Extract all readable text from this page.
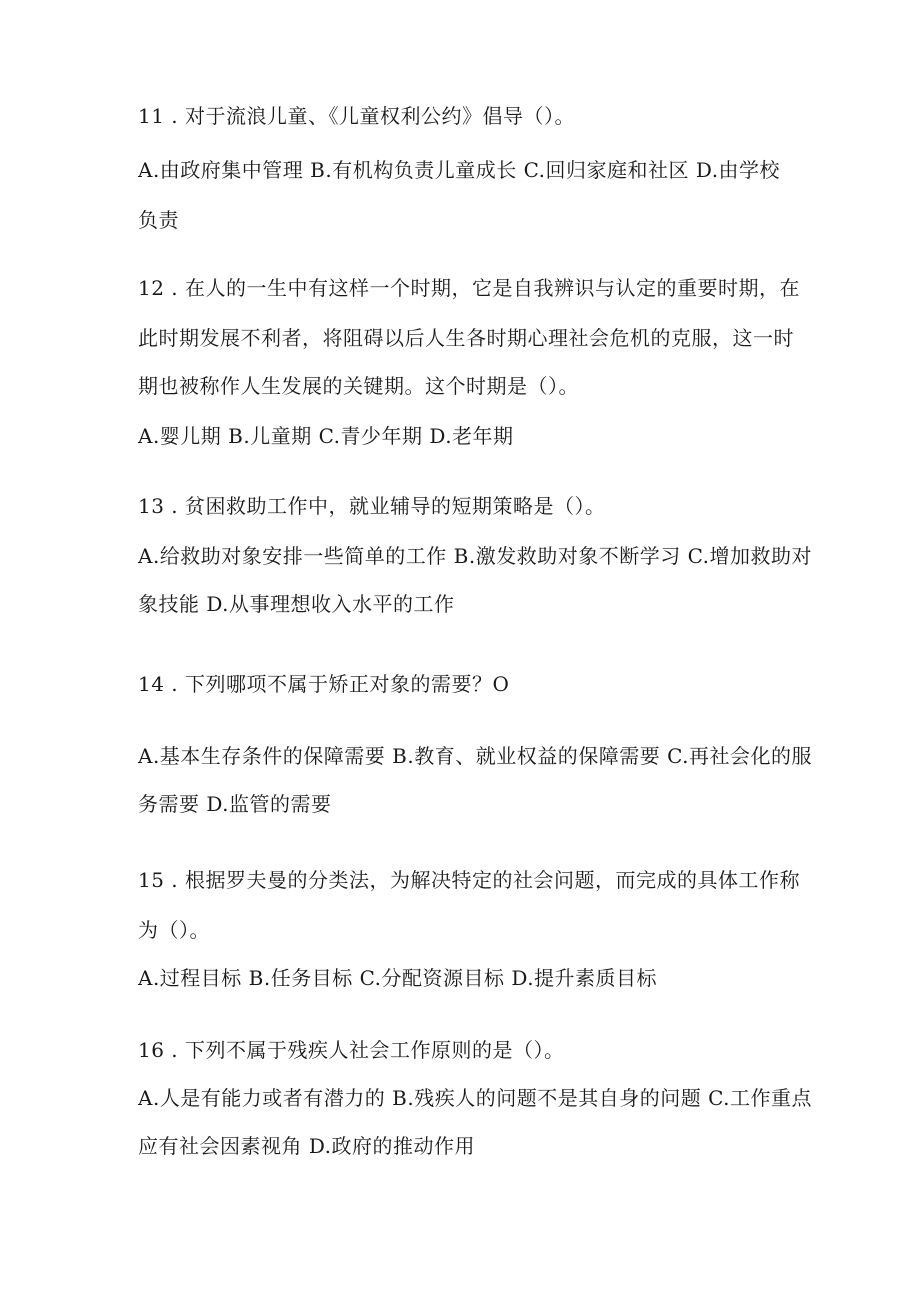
11 . 对于流浪儿童、《儿童权利公约》倡导（）。
A.由政府集中管理 B.有机构负责儿童成长 C.回归家庭和社区 D.由学校
负责
12 . 在人的一生中有这样一个时期，它是自我辨识与认定的重要时期，在
此时期发展不利者，将阻碍以后人生各时期心理社会危机的克服，这一时
期也被称作人生发展的关键期。这个时期是（）。
A.婴儿期 B.儿童期 C.青少年期 D.老年期
13 . 贫困救助工作中，就业辅导的短期策略是（）。
A.给救助对象安排一些简单的工作 B.激发救助对象不断学习 C.增加救助对
象技能 D.从事理想收入水平的工作
14 . 下列哪项不属于矫正对象的需要？O
A.基本生存条件的保障需要 B.教育、就业权益的保障需要 C.再社会化的服
务需要 D.监管的需要
15 . 根据罗夫曼的分类法，为解决特定的社会问题，而完成的具体工作称
为（）。
A.过程目标 B.任务目标 C.分配资源目标 D.提升素质目标
16 . 下列不属于残疾人社会工作原则的是（）。
A.人是有能力或者有潜力的 B.残疾人的问题不是其自身的问题 C.工作重点
应有社会因素视角 D.政府的推动作用
